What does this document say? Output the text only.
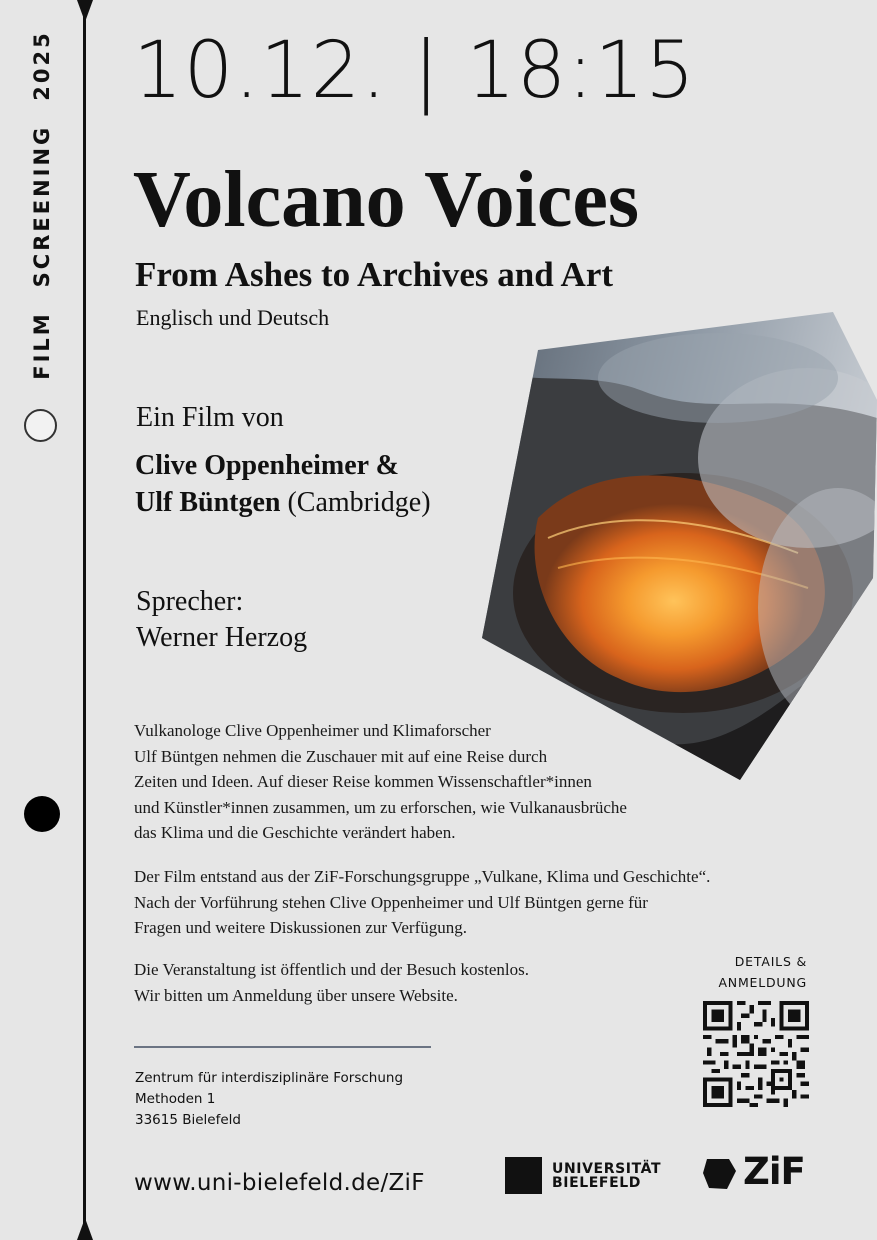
FILMSCREENING2025 10.12. | 18:15
Volcano Voices
From Ashes to Archives and Art
Englisch und Deutsch
Ein Film von
Clive Oppenheimer &
Ulf Büntgen (Cambridge)
Sprecher:
Werner Herzog
Vulkanologe Clive Oppenheimer und Klimaforscher
Ulf Büntgen nehmen die Zuschauer mit auf eine Reise durch
Zeiten und Ideen. Auf dieser Reise kommen Wissenschaftler*innen
und Künstler*innen zusammen, um zu erforschen, wie Vulkanausbrüche
das Klima und die Geschichte verändert haben.
Der Film entstand aus der ZiF-Forschungsgruppe „Vulkane, Klima und Geschichte“.
Nach der Vorführung stehen Clive Oppenheimer und Ulf Büntgen gerne für
Fragen und weitere Diskussionen zur Verfügung.
Die Veranstaltung ist öffentlich und der Besuch kostenlos.
Wir bitten um Anmeldung über unsere Website.
DETAILS &
ANMELDUNG
Zentrum für interdisziplinäre Forschung
Methoden 1
33615 Bielefeld
www.uni-bielefeld.de/ZiF
UNIVERSITÄT
BIELEFELD	ZiF
